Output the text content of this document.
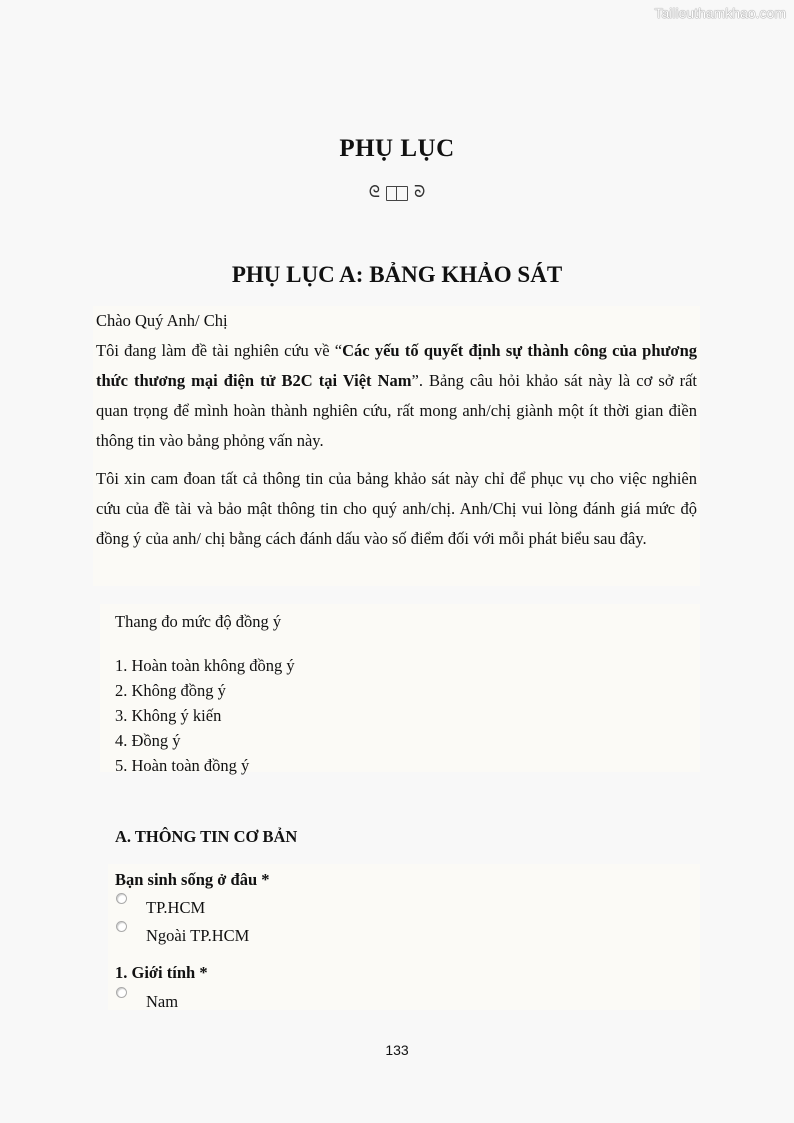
Tailieuthamkhao.com
PHỤ LỤC
ᘓ ᘐ
PHỤ LỤC A: BẢNG KHẢO SÁT

Chào Quý Anh/ Chị

Tôi đang làm đề tài nghiên cứu về “Các yếu tố quyết định sự thành công của phương thức thương mại điện tử B2C tại Việt Nam”. Bảng câu hỏi khảo sát này là cơ sở rất quan trọng để mình hoàn thành nghiên cứu, rất mong anh/chị giành một ít thời gian điền thông tin vào bảng phỏng vấn này.

Tôi xin cam đoan tất cả thông tin của bảng khảo sát này chỉ để phục vụ cho việc nghiên cứu của đề tài và bảo mật thông tin cho quý anh/chị. Anh/Chị vui lòng đánh giá mức độ đồng ý của anh/ chị bằng cách đánh dấu vào số điểm đối với mỗi phát biểu sau đây.

Thang đo mức độ đồng ý
1. Hoàn toàn không đồng ý
2. Không đồng ý
3. Không ý kiến
4. Đồng ý
5. Hoàn toàn đồng ý
A. THÔNG TIN CƠ BẢN
Bạn sinh sống ở đâu *
TP.HCM
Ngoài TP.HCM
1. Giới tính *
Nam
133
